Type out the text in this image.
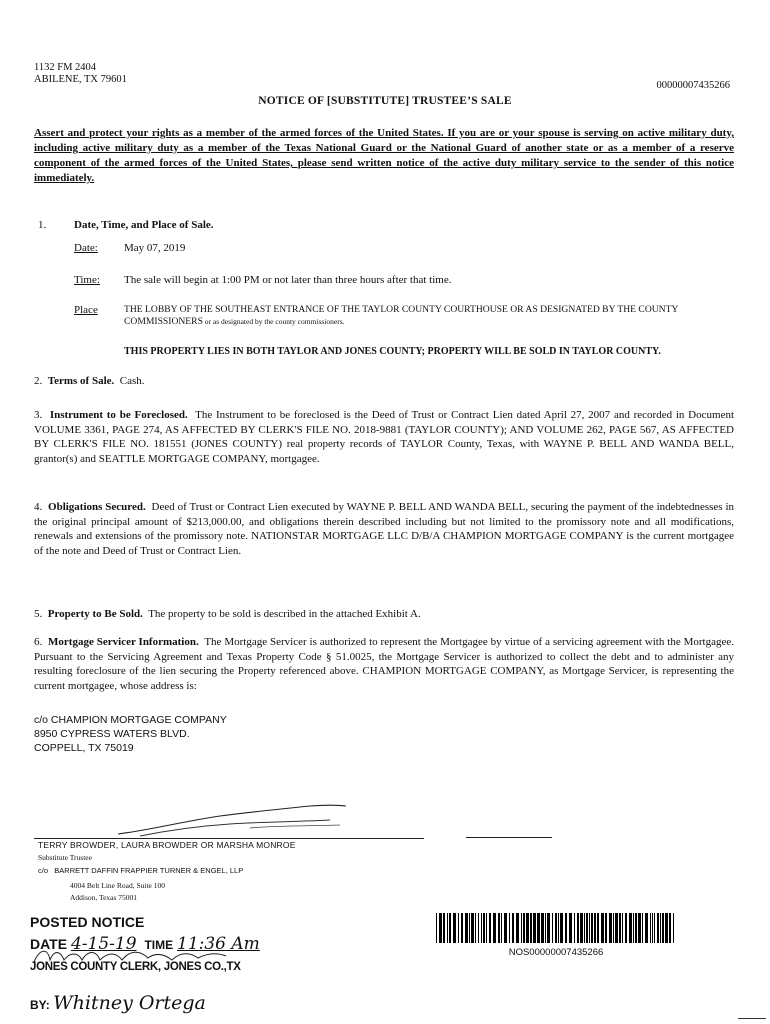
1132 FM 2404
ABILENE, TX 79601
00000007435266
NOTICE OF [SUBSTITUTE] TRUSTEE’S SALE
Assert and protect your rights as a member of the armed forces of the United States. If you are or your spouse is serving on active military duty, including active military duty as a member of the Texas National Guard or the National Guard of another state or as a member of a reserve component of the armed forces of the United States, please send written notice of the active duty military service to the sender of this notice immediately.
1.	Date, Time, and Place of Sale.
Date: May 07, 2019
Time: The sale will begin at 1:00 PM or not later than three hours after that time.
Place	THE LOBBY OF THE SOUTHEAST ENTRANCE OF THE TAYLOR COUNTY COURTHOUSE OR AS DESIGNATED BY THE COUNTY COMMISSIONERS or as designated by the county commissioners.
THIS PROPERTY LIES IN BOTH TAYLOR AND JONES COUNTY; PROPERTY WILL BE SOLD IN TAYLOR COUNTY.
2. Terms of Sale. Cash.
3. Instrument to be Foreclosed. The Instrument to be foreclosed is the Deed of Trust or Contract Lien dated April 27, 2007 and recorded in Document VOLUME 3361, PAGE 274, AS AFFECTED BY CLERK'S FILE NO. 2018-9881 (TAYLOR COUNTY); AND VOLUME 262, PAGE 567, AS AFFECTED BY CLERK'S FILE NO. 181551 (JONES COUNTY) real property records of TAYLOR County, Texas, with WAYNE P. BELL AND WANDA BELL, grantor(s) and SEATTLE MORTGAGE COMPANY, mortgagee.
4. Obligations Secured. Deed of Trust or Contract Lien executed by WAYNE P. BELL AND WANDA BELL, securing the payment of the indebtednesses in the original principal amount of $213,000.00, and obligations therein described including but not limited to the promissory note and all modifications, renewals and extensions of the promissory note. NATIONSTAR MORTGAGE LLC D/B/A CHAMPION MORTGAGE COMPANY is the current mortgagee of the note and Deed of Trust or Contract Lien.
5. Property to Be Sold. The property to be sold is described in the attached Exhibit A.
6. Mortgage Servicer Information. The Mortgage Servicer is authorized to represent the Mortgagee by virtue of a servicing agreement with the Mortgagee. Pursuant to the Servicing Agreement and Texas Property Code § 51.0025, the Mortgage Servicer is authorized to collect the debt and to administer any resulting foreclosure of the lien securing the Property referenced above. CHAMPION MORTGAGE COMPANY, as Mortgage Servicer, is representing the current mortgagee, whose address is:
c/o CHAMPION MORTGAGE COMPANY
8950 CYPRESS WATERS BLVD.
COPPELL, TX 75019
TERRY BROWDER, LAURA BROWDER OR MARSHA MONROE
Substitute Trustee
c/o BARRETT DAFFIN FRAPPIER TURNER & ENGEL, LLP
4004 Belt Line Road, Suite 100
Addison, Texas 75001
POSTED NOTICE
DATE 4-15-19 TIME 11:36 Am
JONES COUNTY CLERK, JONES CO.,TX
BY: Whitney Ortega
NOS00000007435266
